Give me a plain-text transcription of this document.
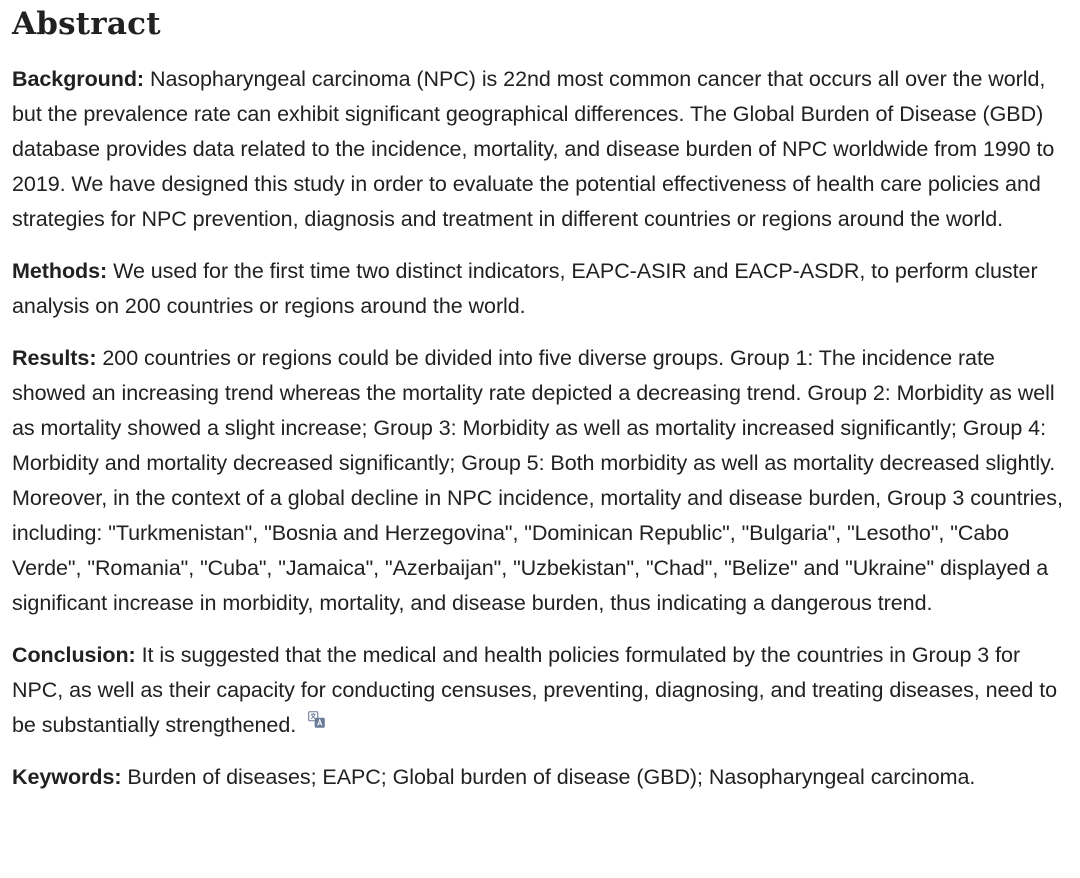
Abstract

Background: Nasopharyngeal carcinoma (NPC) is 22nd most common cancer that occurs all over the world, but the prevalence rate can exhibit significant geographical differences. The Global Burden of Disease (GBD) database provides data related to the incidence, mortality, and disease burden of NPC worldwide from 1990 to 2019. We have designed this study in order to evaluate the potential effectiveness of health care policies and strategies for NPC prevention, diagnosis and treatment in different countries or regions around the world.

Methods: We used for the first time two distinct indicators, EAPC-ASIR and EACP-ASDR, to perform cluster analysis on 200 countries or regions around the world.

Results: 200 countries or regions could be divided into five diverse groups. Group 1: The incidence rate showed an increasing trend whereas the mortality rate depicted a decreasing trend. Group 2: Morbidity as well as mortality showed a slight increase; Group 3: Morbidity as well as mortality increased significantly; Group 4: Morbidity and mortality decreased significantly; Group 5: Both morbidity as well as mortality decreased slightly. Moreover, in the context of a global decline in NPC incidence, mortality and disease burden, Group 3 countries, including: "Turkmenistan", "Bosnia and Herzegovina", "Dominican Republic", "Bulgaria", "Lesotho", "Cabo Verde", "Romania", "Cuba", "Jamaica", "Azerbaijan", "Uzbekistan", "Chad", "Belize" and "Ukraine" displayed a significant increase in morbidity, mortality, and disease burden, thus indicating a dangerous trend.

Conclusion: It is suggested that the medical and health policies formulated by the countries in Group 3 for NPC, as well as their capacity for conducting censuses, preventing, diagnosing, and treating diseases, need to be substantially strengthened.

Keywords: Burden of diseases; EAPC; Global burden of disease (GBD); Nasopharyngeal carcinoma.
